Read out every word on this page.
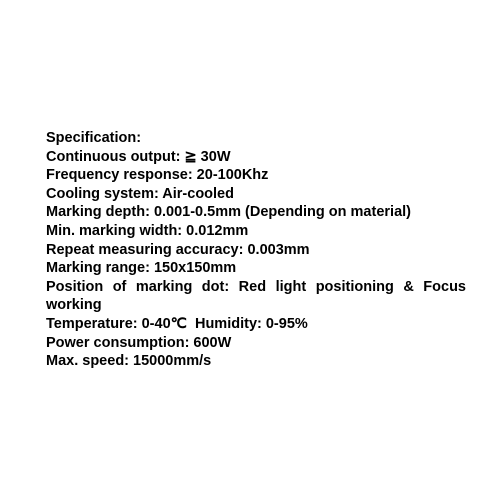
Specification:

Continuous output: ≧ 30W

Frequency response: 20-100Khz

Cooling system: Air-cooled

Marking depth: 0.001-0.5mm (Depending on material)

Min. marking width: 0.012mm

Repeat measuring accuracy: 0.003mm

Marking range: 150x150mm

Position of marking dot: Red light positioning & Focus working

Temperature: 0-40℃  Humidity: 0-95%

Power consumption: 600W

Max. speed: 15000mm/s
